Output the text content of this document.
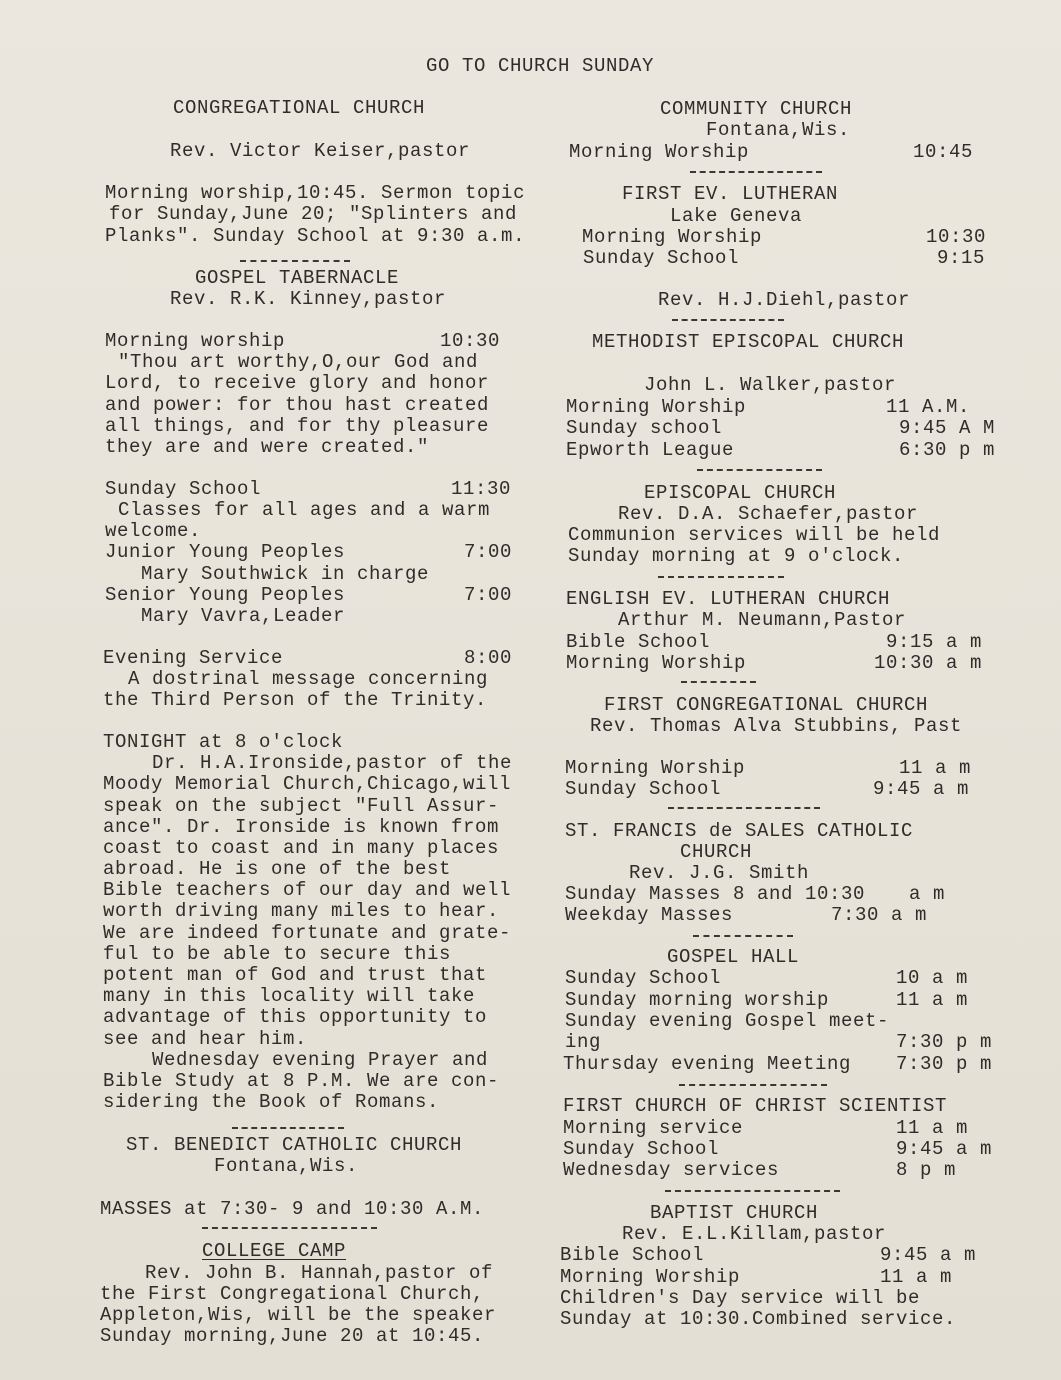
GO TO CHURCH SUNDAY
CONGREGATIONAL CHURCH
Rev. Victor Keiser,pastor
Morning worship,10:45. Sermon topic
for Sunday,June 20; "Splinters and
Planks". Sunday School at 9:30 a.m.
GOSPEL TABERNACLE
Rev. R.K. Kinney,pastor
Morning worship	10:30
"Thou art worthy,O,our God and
Lord, to receive glory and honor
and power: for thou hast created
all things, and for thy pleasure
they are and were created."
Sunday School	11:30
Classes for all ages and a warm
welcome.
Junior Young Peoples	7:00
Mary Southwick in charge
Senior Young Peoples	7:00
Mary Vavra,Leader
Evening Service	8:00
A dostrinal message concerning
the Third Person of the Trinity.
TONIGHT at 8 o'clock
Dr. H.A.Ironside,pastor of the
Moody Memorial Church,Chicago,will
speak on the subject "Full Assur-
ance". Dr. Ironside is known from
coast to coast and in many places
abroad. He is one of the best
Bible teachers of our day and well
worth driving many miles to hear.
We are indeed fortunate and grate-
ful to be able to secure this
potent man of God and trust that
many in this locality will take
advantage of this opportunity to
see and hear him.
Wednesday evening Prayer and
Bible Study at 8 P.M. We are con-
sidering the Book of Romans.
ST. BENEDICT CATHOLIC CHURCH
Fontana,Wis.
MASSES at 7:30- 9 and 10:30 A.M.
COLLEGE CAMP
Rev. John B. Hannah,pastor of
the First Congregational Church,
Appleton,Wis, will be the speaker
Sunday morning,June 20 at 10:45.
COMMUNITY CHURCH
Fontana,Wis.
Morning Worship	10:45
FIRST EV. LUTHERAN
Lake Geneva
Morning Worship	10:30
Sunday School	9:15
Rev. H.J.Diehl,pastor
METHODIST EPISCOPAL CHURCH
John L. Walker,pastor
Morning Worship	11 A.M.
Sunday school	9:45 A M
Epworth League	6:30 p m
EPISCOPAL CHURCH
Rev. D.A. Schaefer,pastor
Communion services will be held
Sunday morning at 9 o'clock.
ENGLISH EV. LUTHERAN CHURCH
Arthur M. Neumann,Pastor
Bible School	9:15 a m
Morning Worship	10:30 a m
FIRST CONGREGATIONAL CHURCH
Rev. Thomas Alva Stubbins, Past
Morning Worship	11 a m
Sunday School	9:45 a m
ST. FRANCIS de SALES CATHOLIC
CHURCH
Rev. J.G. Smith
Sunday Masses 8 and 10:30 a m
Weekday Masses	7:30 a m
GOSPEL HALL
Sunday School	10 a m
Sunday morning worship	11 a m
Sunday evening Gospel meet-
ing	7:30 p m
Thursday evening Meeting 7:30 p m
FIRST CHURCH OF CHRIST SCIENTIST
Morning service	11 a m
Sunday School	9:45 a m
Wednesday services	8 p m
BAPTIST CHURCH
Rev. E.L.Killam,pastor
Bible School	9:45 a m
Morning Worship	11 a m
Children's Day service will be
Sunday at 10:30.Combined service.
